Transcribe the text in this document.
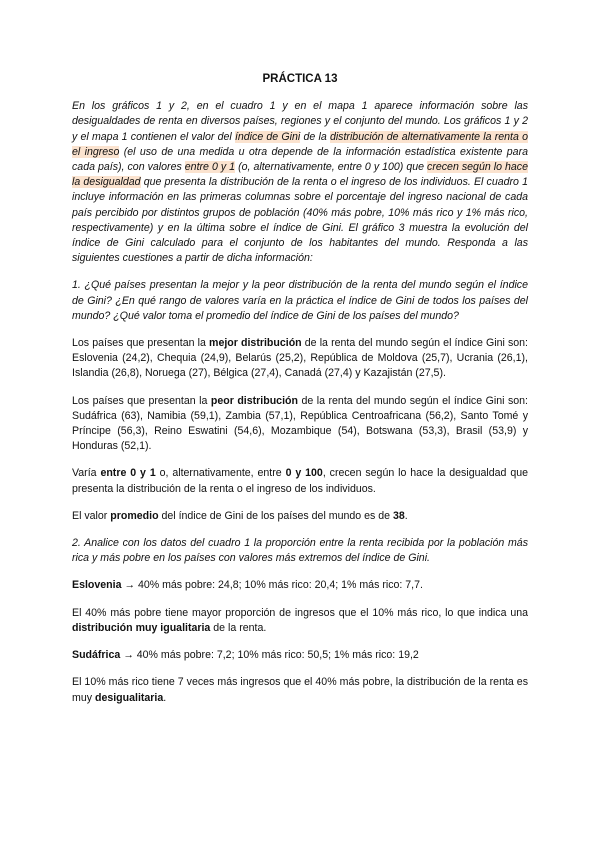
PRÁCTICA 13

En los gráficos 1 y 2, en el cuadro 1 y en el mapa 1 aparece información sobre las desigualdades de renta en diversos países, regiones y el conjunto del mundo. Los gráficos 1 y 2 y el mapa 1 contienen el valor del índice de Gini de la distribución de alternativamente la renta o el ingreso (el uso de una medida u otra depende de la información estadística existente para cada país), con valores entre 0 y 1 (o, alternativamente, entre 0 y 100) que crecen según lo hace la desigualdad que presenta la distribución de la renta o el ingreso de los individuos. El cuadro 1 incluye información en las primeras columnas sobre el porcentaje del ingreso nacional de cada país percibido por distintos grupos de población (40% más pobre, 10% más rico y 1% más rico, respectivamente) y en la última sobre el índice de Gini. El gráfico 3 muestra la evolución del índice de Gini calculado para el conjunto de los habitantes del mundo. Responda a las siguientes cuestiones a partir de dicha información:

1. ¿Qué países presentan la mejor y la peor distribución de la renta del mundo según el índice de Gini? ¿En qué rango de valores varía en la práctica el índice de Gini de todos los países del mundo? ¿Qué valor toma el promedio del índice de Gini de los países del mundo?

Los países que presentan la mejor distribución de la renta del mundo según el índice Gini son: Eslovenia (24,2), Chequia (24,9), Belarús (25,2), República de Moldova (25,7), Ucrania (26,1), Islandia (26,8), Noruega (27), Bélgica (27,4), Canadá (27,4) y Kazajistán (27,5).

Los países que presentan la peor distribución de la renta del mundo según el índice Gini son: Sudáfrica (63), Namibia (59,1), Zambia (57,1), República Centroafricana (56,2), Santo Tomé y Príncipe (56,3), Reino Eswatini (54,6), Mozambique (54), Botswana (53,3), Brasil (53,9) y Honduras (52,1).

Varía entre 0 y 1 o, alternativamente, entre 0 y 100, crecen según lo hace la desigualdad que presenta la distribución de la renta o el ingreso de los individuos.

El valor promedio del índice de Gini de los países del mundo es de 38.

2. Analice con los datos del cuadro 1 la proporción entre la renta recibida por la población más rica y más pobre en los países con valores más extremos del índice de Gini.

Eslovenia → 40% más pobre: 24,8; 10% más rico: 20,4; 1% más rico: 7,7.

El 40% más pobre tiene mayor proporción de ingresos que el 10% más rico, lo que indica una distribución muy igualitaria de la renta.

Sudáfrica → 40% más pobre: 7,2; 10% más rico: 50,5; 1% más rico: 19,2

El 10% más rico tiene 7 veces más ingresos que el 40% más pobre, la distribución de la renta es muy desigualitaria.
